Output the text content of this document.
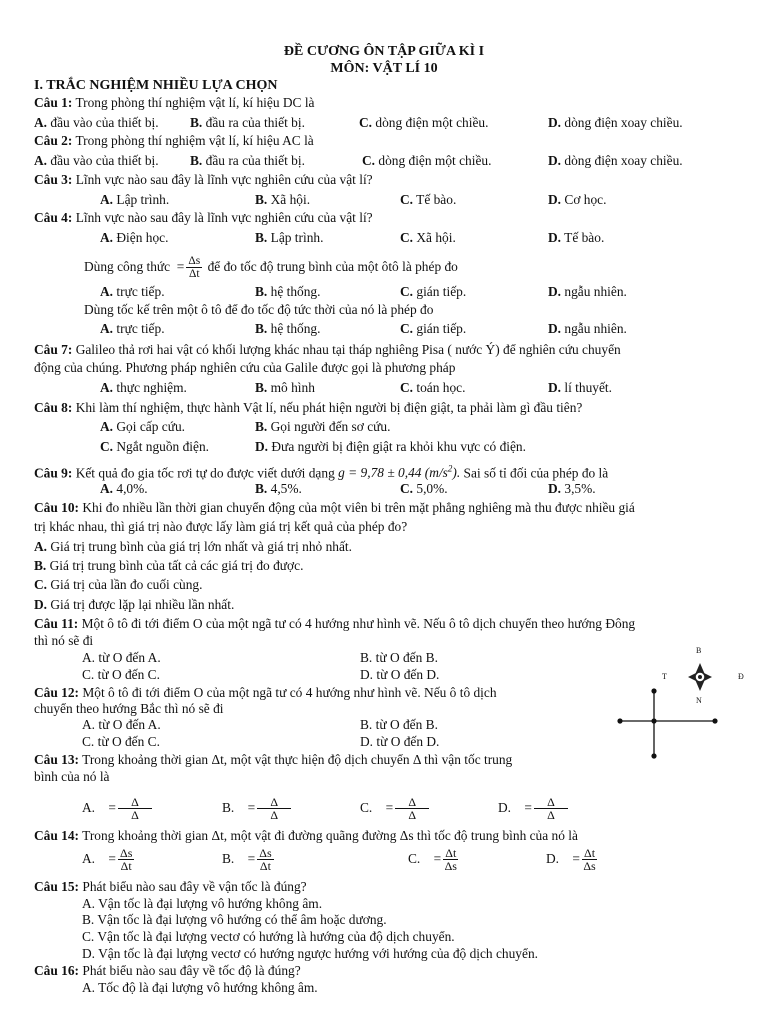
ĐỀ CƯƠNG ÔN TẬP GIỮA KÌ I
MÔN: VẬT LÍ 10
I. TRẮC NGHIỆM NHIỀU LỰA CHỌN
Câu 1: Trong phòng thí nghiệm vật lí, kí hiệu DC là
A. đầu vào của thiết bị. B. đầu ra của thiết bị.	C. dòng điện một chiều.	D. dòng điện xoay chiều.
Câu 2: Trong phòng thí nghiệm vật lí, kí hiệu AC là
A. đầu vào của thiết bị. B. đầu ra của thiết bị.	C. dòng điện một chiều.	D. dòng điện xoay chiều.
Câu 3: Lĩnh vực nào sau đây là lĩnh vực nghiên cứu của vật lí?
A. Lập trình.	B. Xã hội.	C. Tế bào.	D. Cơ học.
Câu 4: Lĩnh vực nào sau đây là lĩnh vực nghiên cứu của vật lí?
A. Điện học.	B. Lập trình.	C. Xã hội.	D. Tế bào.
Dùng công thức  = $\frac{\Delta s}{\Delta t}$ để đo tốc độ trung bình của một ôtô là phép đo
A. trực tiếp.	B. hệ thống.	C. gián tiếp.	D. ngẫu nhiên.
Dùng tốc kế trên một ô tô để đo tốc độ tức thời của nó là phép đo
A. trực tiếp.	B. hệ thống.	C. gián tiếp.	D. ngẫu nhiên.
Câu 7: Galileo thả rơi hai vật có khối lượng khác nhau tại tháp nghiêng Pisa ( nước Ý) để nghiên cứu chuyển
động của chúng. Phương pháp nghiên cứu của Galile được gọi là phương pháp
A. thực nghiệm.	B. mô hình	C. toán học.	D. lí thuyết.
Câu 8: Khi làm thí nghiệm, thực hành Vật lí, nếu phát hiện người bị điện giật, ta phải làm gì đầu tiên?
A. Gọi cấp cứu.	B. Gọi người đến sơ cứu.
C. Ngắt nguồn điện.	D. Đưa người bị điện giật ra khỏi khu vực có điện.
Câu 9: Kết quả đo gia tốc rơi tự do được viết dưới dạng g = 9,78 ± 0,44 $(m/s^2)$. Sai số tỉ đối của phép đo là
A. 4,0%.	B. 4,5%.	C. 5,0%.	D. 3,5%.
Câu 10: Khi đo nhiều lần thời gian chuyển động của một viên bi trên mặt phẳng nghiêng mà thu được nhiều giá
trị khác nhau, thì giá trị nào được lấy làm giá trị kết quả của phép đo?
A. Giá trị trung bình của giá trị lớn nhất và giá trị nhỏ nhất.
B. Giá trị trung bình của tất cả các giá trị đo được.
C. Giá trị của lần đo cuối cùng.
D. Giá trị được lặp lại nhiều lần nhất.
Câu 11: Một ô tô đi tới điểm O của một ngã tư có 4 hướng như hình vẽ. Nếu ô tô dịch chuyển theo hướng Đông
thì nó sẽ đi
A. từ O đến A.	B. từ O đến B.
C. từ O đến C.	D. từ O đến D.
B
T	Đ
N
Câu 12: Một ô tô đi tới điểm O của một ngã tư có 4 hướng như hình vẽ. Nếu ô tô dịch
chuyển theo hướng Bắc thì nó sẽ đi
A. từ O đến A.	B. từ O đến B.
C. từ O đến C.	D. từ O đến D.
Câu 13: Trong khoảng thời gian Δt, một vật thực hiện độ dịch chuyển Δ thì vận tốc trung
bình của nó là
A.    = $\frac{\Delta}{\Delta}$	B.    = $\frac{\Delta}{\Delta}$	C.    = $\frac{\Delta}{\Delta}$	D.    = $\frac{\Delta}{\Delta}$
Câu 14: Trong khoảng thời gian Δt, một vật đi đường quãng đường Δs thì tốc độ trung bình của nó là
A.    = $\frac{\Delta s}{\Delta t}$	B.    = $\frac{\Delta s}{\Delta t}$	C.    = $\frac{\Delta t}{\Delta s}$	D.    = $\frac{\Delta t}{\Delta s}$
Câu 15: Phát biểu nào sau đây về vận tốc là đúng?
A. Vận tốc là đại lượng vô hướng không âm.
B. Vận tốc là đại lượng vô hướng có thể âm hoặc dương.
C. Vận tốc là đại lượng vectơ có hướng là hướng của độ dịch chuyển.
D. Vận tốc là đại lượng vectơ có hướng ngược hướng với hướng của độ dịch chuyển.
Câu 16: Phát biểu nào sau đây về tốc độ là đúng?
A. Tốc độ là đại lượng vô hướng không âm.
